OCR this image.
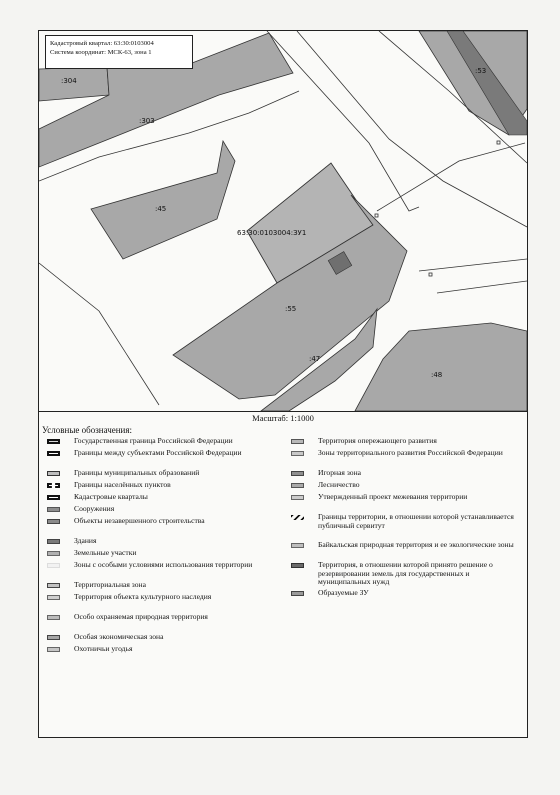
:304
:303
:53
:45
63:30:0103004:ЗУ1
:55
:47
:48
Кадастровый квартал: 63:30:0103004
Система координат: МСК-63, зона 1
Масштаб: 1:1000
Условные обозначения:
Государственная граница Российской Федерации
Границы между субъектами Российской Федерации
Границы муниципальных образований
Границы населённых пунктов
Кадастровые кварталы
Сооружения
Объекты незавершенного строительства
Здания
Земельные участки
Зоны с особыми условиями использования территории
Территориальная зона
Территория объекта культурного наследия
Особо охраняемая природная территория
Особая экономическая зона
Охотничьи угодья
Территория опережающего развития
Зоны территориального развития Российской Федерации
Игорная зона
Лесничество
Утвержденный проект межевания территории
Границы территории, в отношении которой устанавливается публичный сервитут
Байкальская природная территория и ее экологические зоны
Территория, в отношении которой принято решение о резервировании земель для государственных и муниципальных нужд
Образуемые ЗУ
